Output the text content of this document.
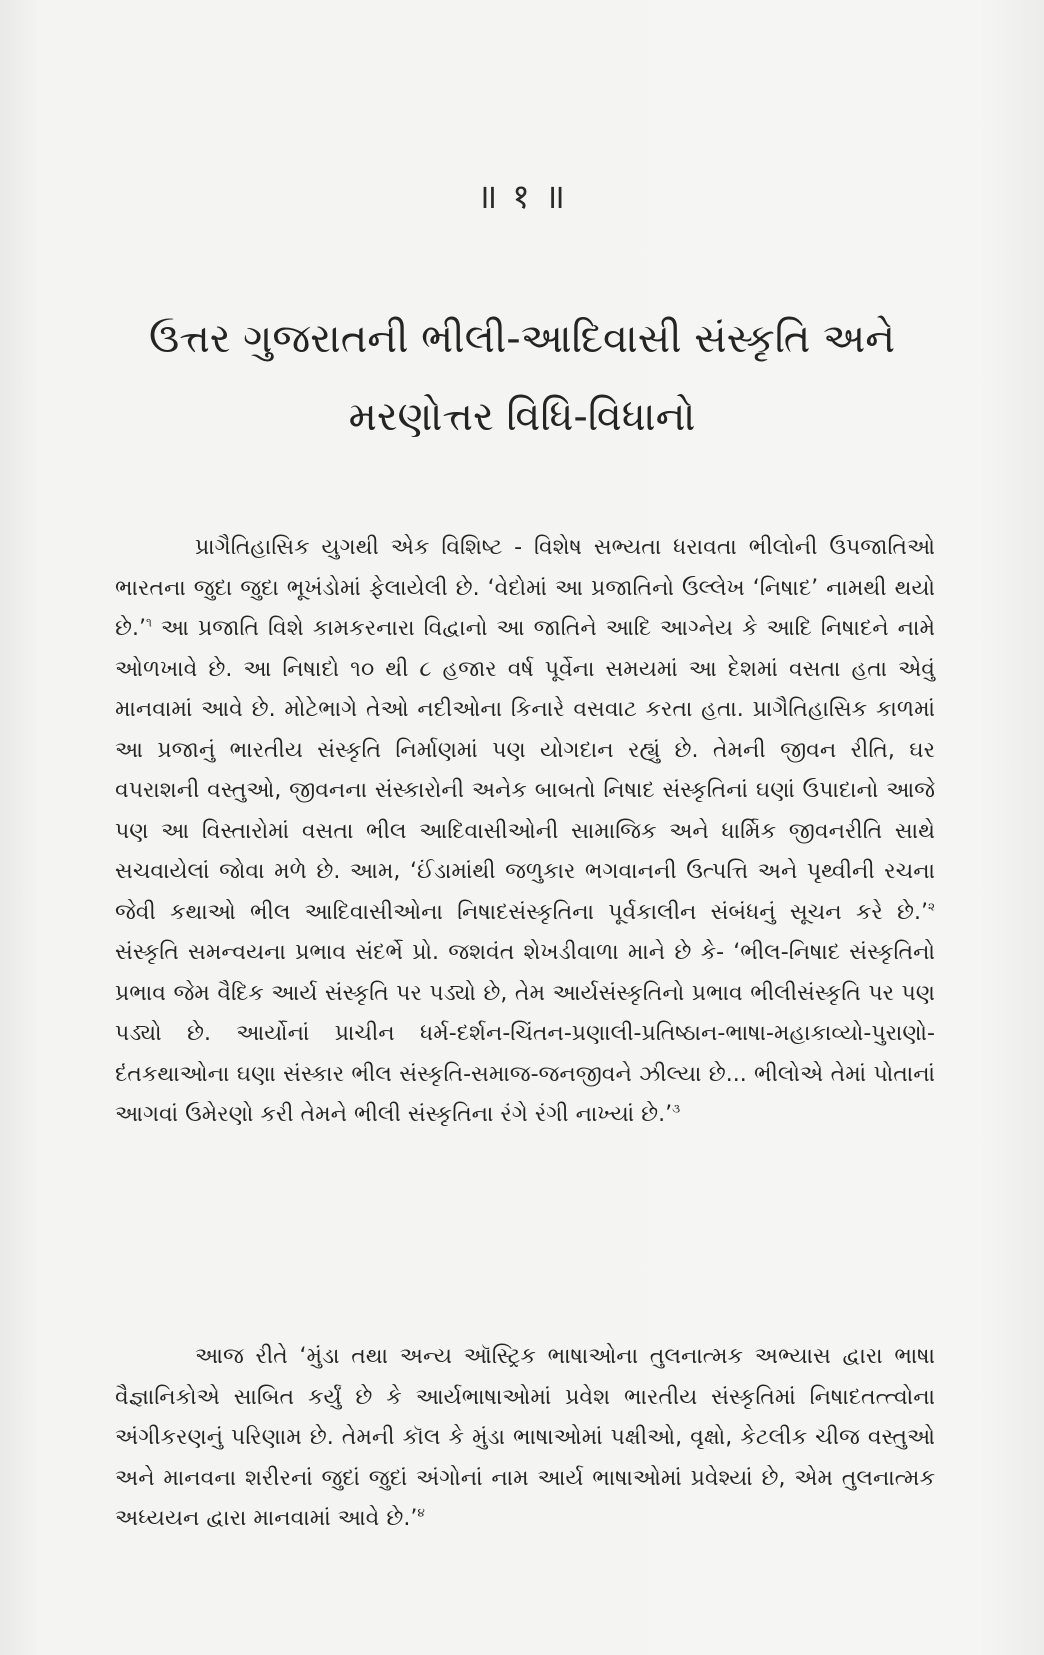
॥ १ ॥
ઉત્તર ગુજરાતની ભીલી-આદિવાસી સંસ્કૃતિ અને
મરણોત્તર વિધિ-વિધાનો

પ્રાગૈતિહાસિક યુગથી એક વિશિષ્ટ - વિશેષ સભ્યતા ધરાવતા ભીલોની ઉપજાતિઓ ભારતના જુદા જુદા ભૂખંડોમાં ફેલાયેલી છે. ‘વેદોમાં આ પ્રજાતિનો ઉલ્લેખ ‘નિષાદ’ નામથી થયો છે.’$^૧$ આ પ્રજાતિ વિશે કામકરનારા વિદ્વાનો આ જાતિને આદિ આગ્નેય કે આદિ નિષાદને નામે ઓળખાવે છે. આ નિષાદો ૧૦ થી ૮ હજાર વર્ષ પૂર્વેના સમયમાં આ દેશમાં વસતા હતા એવું માનવામાં આવે છે. મોટેભાગે તેઓ નદીઓના કિનારે વસવાટ કરતા હતા. પ્રાગૈતિહાસિક કાળમાં આ પ્રજાનું ભારતીય સંસ્કૃતિ નિર્માણમાં પણ યોગદાન રહ્યું છે. તેમની જીવન રીતિ, ઘર વપરાશની વસ્તુઓ, જીવનના સંસ્કારોની અનેક બાબતો નિષાદ સંસ્કૃતિનાં ઘણાં ઉપાદાનો આજે પણ આ વિસ્તારોમાં વસતા ભીલ આદિવાસીઓની સામાજિક અને ધાર્મિક જીવનરીતિ સાથે સચવાયેલાં જોવા મળે છે. આમ, ‘ઈંડામાંથી જળુકાર ભગવાનની ઉત્પત્તિ અને પૃથ્વીની રચના જેવી કથાઓ ભીલ આદિવાસીઓના નિષાદસંસ્કૃતિના પૂર્વકાલીન સંબંધનું સૂચન કરે છે.’$^૨$ સંસ્કૃતિ સમન્વયના પ્રભાવ સંદર્ભે પ્રો. જશવંત શેખડીવાળા માને છે કે- ‘ભીલ-નિષાદ સંસ્કૃતિનો પ્રભાવ જેમ વૈદિક આર્ય સંસ્કૃતિ પર પડ્યો છે, તેમ આર્યસંસ્કૃતિનો પ્રભાવ ભીલીસંસ્કૃતિ પર પણ પડ્યો છે. આર્યોનાં પ્રાચીન ધર્મ-દર્શન-ચિંતન-પ્રણાલી-પ્રતિષ્ઠાન-ભાષા-મહાકાવ્યો-પુરાણો-દંતકથાઓના ઘણા સંસ્કાર ભીલ સંસ્કૃતિ-સમાજ-જનજીવને ઝીલ્યા છે... ભીલોએ તેમાં પોતાનાં આગવાં ઉમેરણો કરી તેમને ભીલી સંસ્કૃતિના રંગે રંગી નાખ્યાં છે.’$^૩$

આજ રીતે ‘મુંડા તથા અન્ય ઑસ્ટ્રિક ભાષાઓના તુલનાત્મક અભ્યાસ દ્વારા ભાષા વૈજ્ઞાનિકોએ સાબિત કર્યું છે કે આર્યભાષાઓમાં પ્રવેશ ભારતીય સંસ્કૃતિમાં નિષાદતત્ત્વોના અંગીકરણનું પરિણામ છે. તેમની કૉલ કે મુંડા ભાષાઓમાં પક્ષીઓ, વૃક્ષો, કેટલીક ચીજ વસ્તુઓ અને માનવના શરીરનાં જુદાં જુદાં અંગોનાં નામ આર્ય ભાષાઓમાં પ્રવેશ્યાં છે, એમ તુલનાત્મક અધ્યયન દ્વારા માનવામાં આવે છે.’$^૪$
